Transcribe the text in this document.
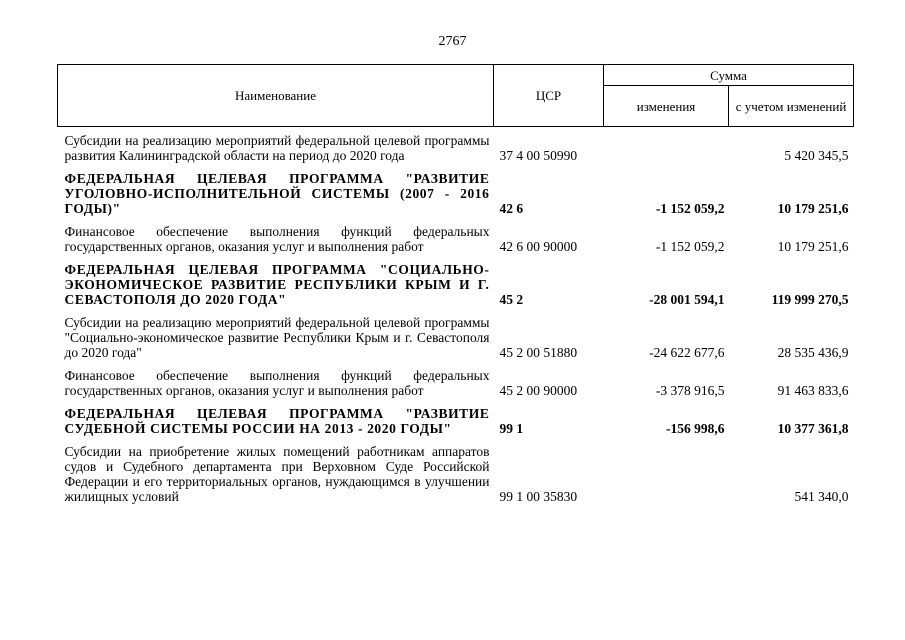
2767
Наименование	ЦСР	Сумма	
		изменения	с учетом изменений

Субсидии на реализацию мероприятий федеральной целевой программы развития Калининградской области на период до 2020 года	37 4 00 50990		5 420 345,5
ФЕДЕРАЛЬНАЯ ЦЕЛЕВАЯ ПРОГРАММА "РАЗВИТИЕ УГОЛОВНО-ИСПОЛНИТЕЛЬНОЙ СИСТЕМЫ (2007 - 2016 ГОДЫ)"	42 6	-1 152 059,2	10 179 251,6
Финансовое обеспечение выполнения функций федеральных государственных органов, оказания услуг и выполнения работ	42 6 00 90000	-1 152 059,2	10 179 251,6
ФЕДЕРАЛЬНАЯ ЦЕЛЕВАЯ ПРОГРАММА "СОЦИАЛЬНО-ЭКОНОМИЧЕСКОЕ РАЗВИТИЕ РЕСПУБЛИКИ КРЫМ И Г. СЕВАСТОПОЛЯ ДО 2020 ГОДА"	45 2	-28 001 594,1	119 999 270,5
Субсидии на реализацию мероприятий федеральной целевой программы "Социально-экономическое развитие Республики Крым и г. Севастополя до 2020 года"	45 2 00 51880	-24 622 677,6	28 535 436,9
Финансовое обеспечение выполнения функций федеральных государственных органов, оказания услуг и выполнения работ	45 2 00 90000	-3 378 916,5	91 463 833,6
ФЕДЕРАЛЬНАЯ ЦЕЛЕВАЯ ПРОГРАММА "РАЗВИТИЕ СУДЕБНОЙ СИСТЕМЫ РОССИИ НА 2013 - 2020 ГОДЫ"	99 1	-156 998,6	10 377 361,8
Субсидии на приобретение жилых помещений работникам аппаратов судов и Судебного департамента при Верховном Суде Российской Федерации и его территориальных органов, нуждающимся в улучшении жилищных условий	99 1 00 35830		541 340,0
